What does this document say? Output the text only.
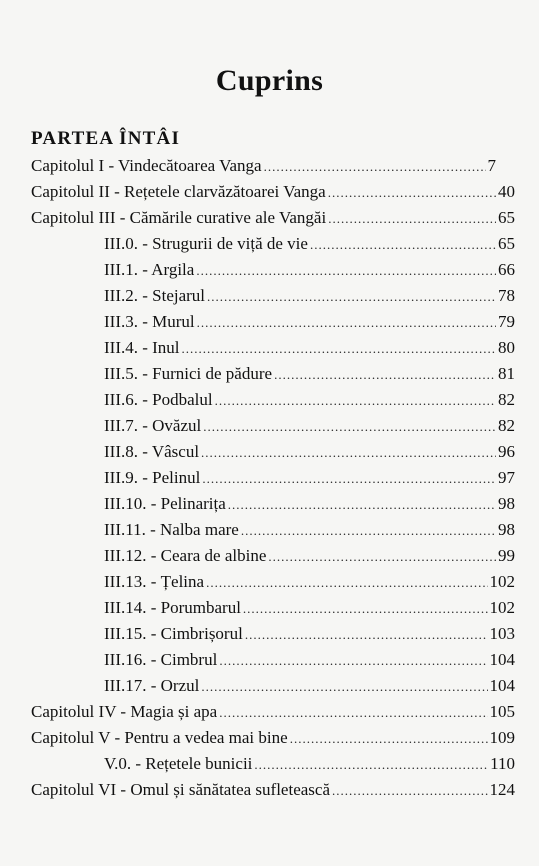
Cuprins
PARTEA ÎNTÂI
Capitolul I - Vindecătoarea Vanga .....	7
Capitolul II - Rețetele clarvăzătoarei Vanga .....	40
Capitolul III - Cămările curative ale Vangăi .....	65
III.0. - Strugurii de viță de vie .....	65
III.1. - Argila .....	66
III.2. - Stejarul .....	78
III.3. - Murul .....	79
III.4. - Inul .....	80
III.5. - Furnici de pădure .....	81
III.6. - Podbalul .....	82
III.7. - Ovăzul .....	82
III.8. - Vâscul .....	96
III.9. - Pelinul .....	97
III.10. - Pelinarița .....	98
III.11. - Nalba mare .....	98
III.12. - Ceara de albine .....	99
III.13. - Țelina .....	102
III.14. - Porumbarul .....	102
III.15. - Cimbrișorul .....	103
III.16. - Cimbrul .....	104
III.17. - Orzul .....	104
Capitolul IV - Magia și apa .....	105
Capitolul V - Pentru a vedea mai bine .....	109
V.0. - Rețetele bunicii .....	110
Capitolul VI - Omul și sănătatea sufletească .....	124
